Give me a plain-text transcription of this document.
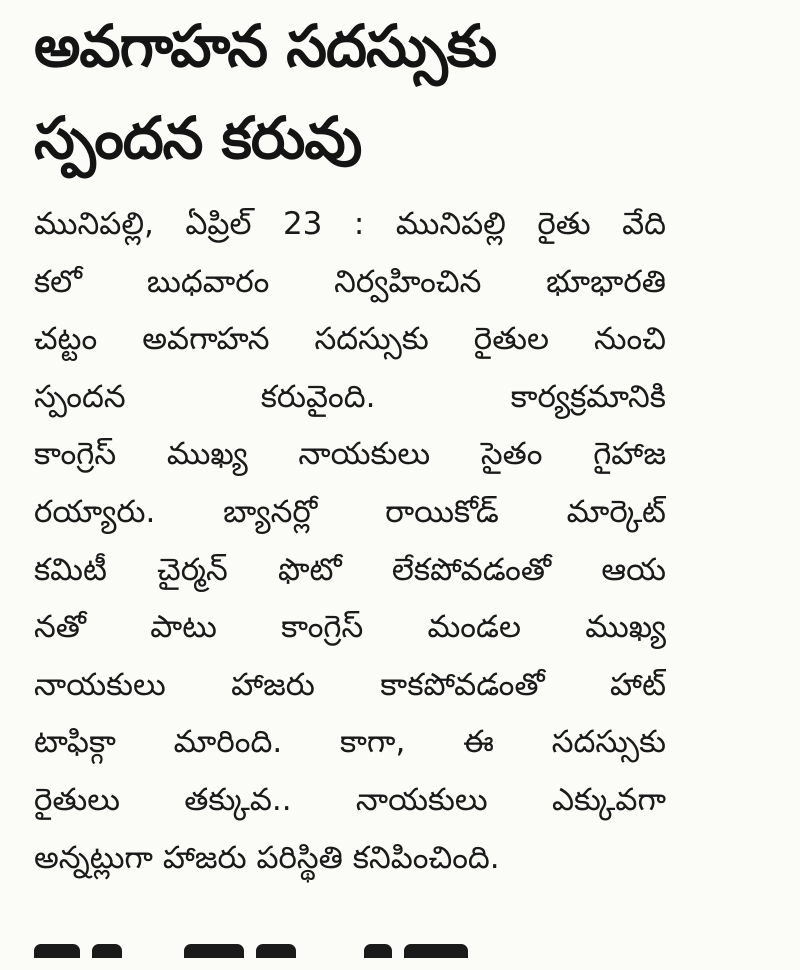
అవగాహన సదస్సుకు
స్పందన కరువు
మునిపల్లి, ఏప్రిల్ 23 : మునిపల్లి రైతు వేది
కలో బుధవారం నిర్వహించిన భూభారతి
చట్టం అవగాహన సదస్సుకు రైతుల నుంచి
స్పందన కరువైంది. కార్యక్రమానికి
కాంగ్రెస్ ముఖ్య నాయకులు సైతం గైహాజ
రయ్యారు. బ్యానర్లో రాయికోడ్ మార్కెట్
కమిటీ చైర్మన్ ఫొటో లేకపోవడంతో ఆయ
నతో పాటు కాంగ్రెస్ మండల ముఖ్య
నాయకులు హాజరు కాకపోవడంతో హాట్
టాఫిక్గా మారింది. కాగా, ఈ సదస్సుకు
రైతులు తక్కువ.. నాయకులు ఎక్కువగా
అన్నట్లుగా హాజరు పరిస్థితి కనిపించింది.
